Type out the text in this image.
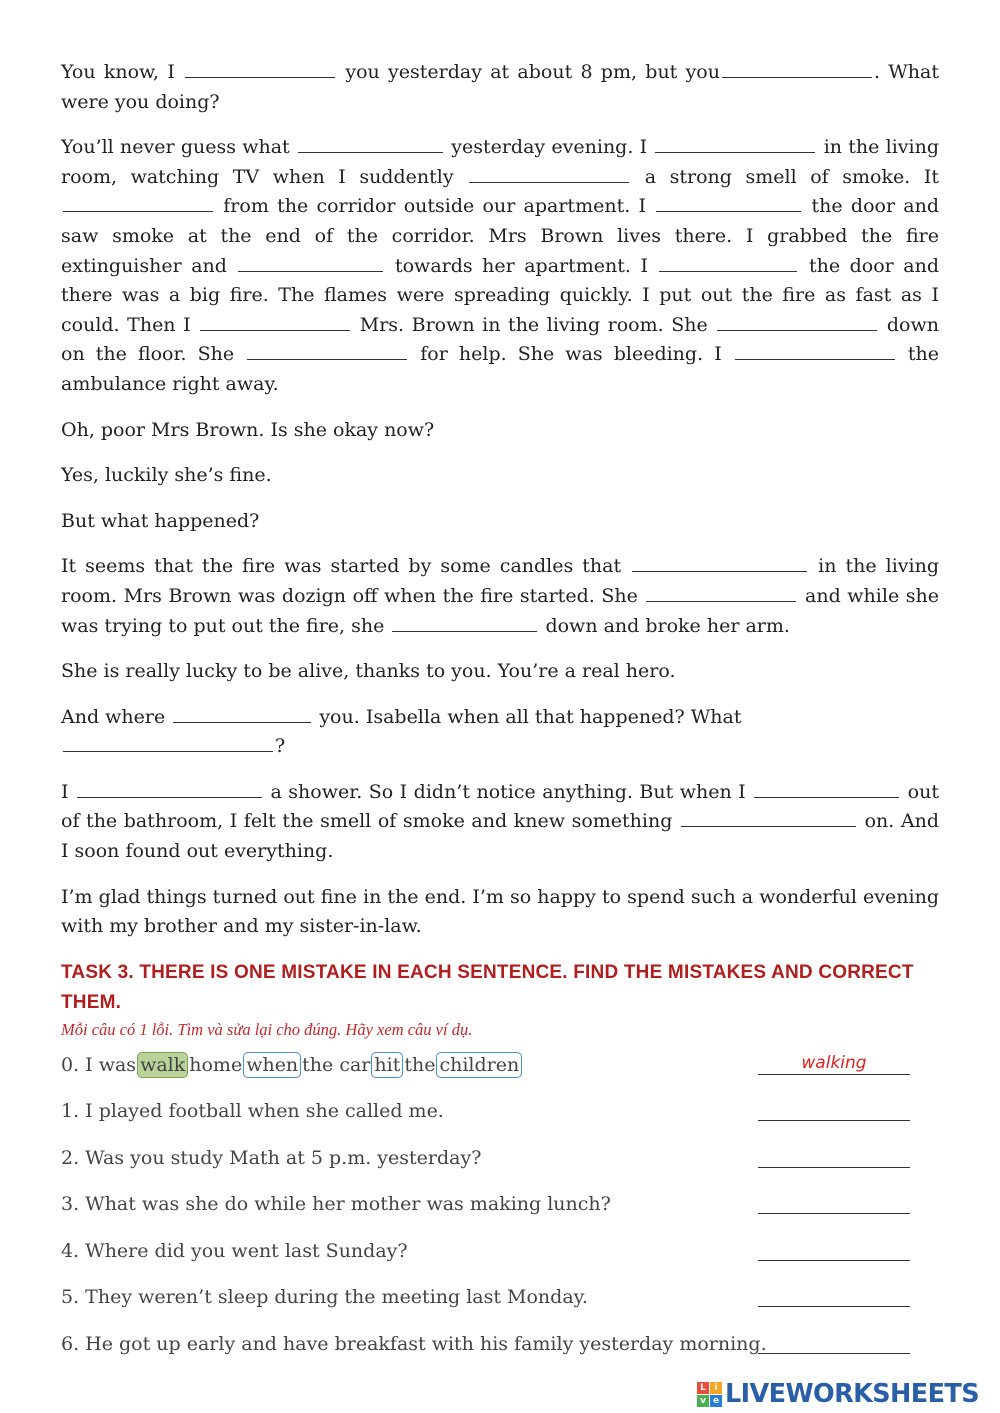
You know, I	you yesterday at about 8 pm, but you	. What were you doing?

You’ll never guess what	yesterday evening. I	in the living room, watching TV when I suddently	a strong smell of smoke. It  from the corridor outside our apartment. I	the door and saw smoke at the end of the corridor. Mrs Brown lives there. I grabbed the fire extinguisher and	towards her apartment. I	the door and there was a big fire. The flames were spreading quickly. I put out the fire as fast as I could. Then I	Mrs. Brown in the living room. She	down on the floor. She	for help. She was bleeding. I	the ambulance right away.

Oh, poor Mrs Brown. Is she okay now?

Yes, luckily she’s fine.

But what happened?

It seems that the fire was started by some candles that	in the living room. Mrs Brown was dozign off when the fire started. She	and while she was trying to put out the fire, she	down and broke her arm.

She is really lucky to be alive, thanks to you. You’re a real hero.

And where	you. Isabella when all that happened? What?

I	a shower. So I didn’t notice anything. But when I	out of the bathroom, I felt the smell of smoke and knew something	on. And I soon found out everything.

I’m glad things turned out fine in the end. I’m so happy to spend such a wonderful evening with my brother and my sister-in-law.

TASK 3. THERE IS ONE MISTAKE IN EACH SENTENCE. FIND THE MISTAKES AND CORRECT THEM.
Mỗi câu có 1 lỗi. Tìm và sửa lại cho đúng. Hãy xem câu ví dụ.
0. I was walk home when the car hit the children	walking
1. I played football when she called me.
2. Was you study Math at 5 p.m. yesterday?
3. What was she do while her mother was making lunch?
4. Where did you went last Sunday?
5. They weren’t sleep during the meeting last Monday.
6. He got up early and have breakfast with his family yesterday morning.
L i
v e LIVEWORKSHEETS
